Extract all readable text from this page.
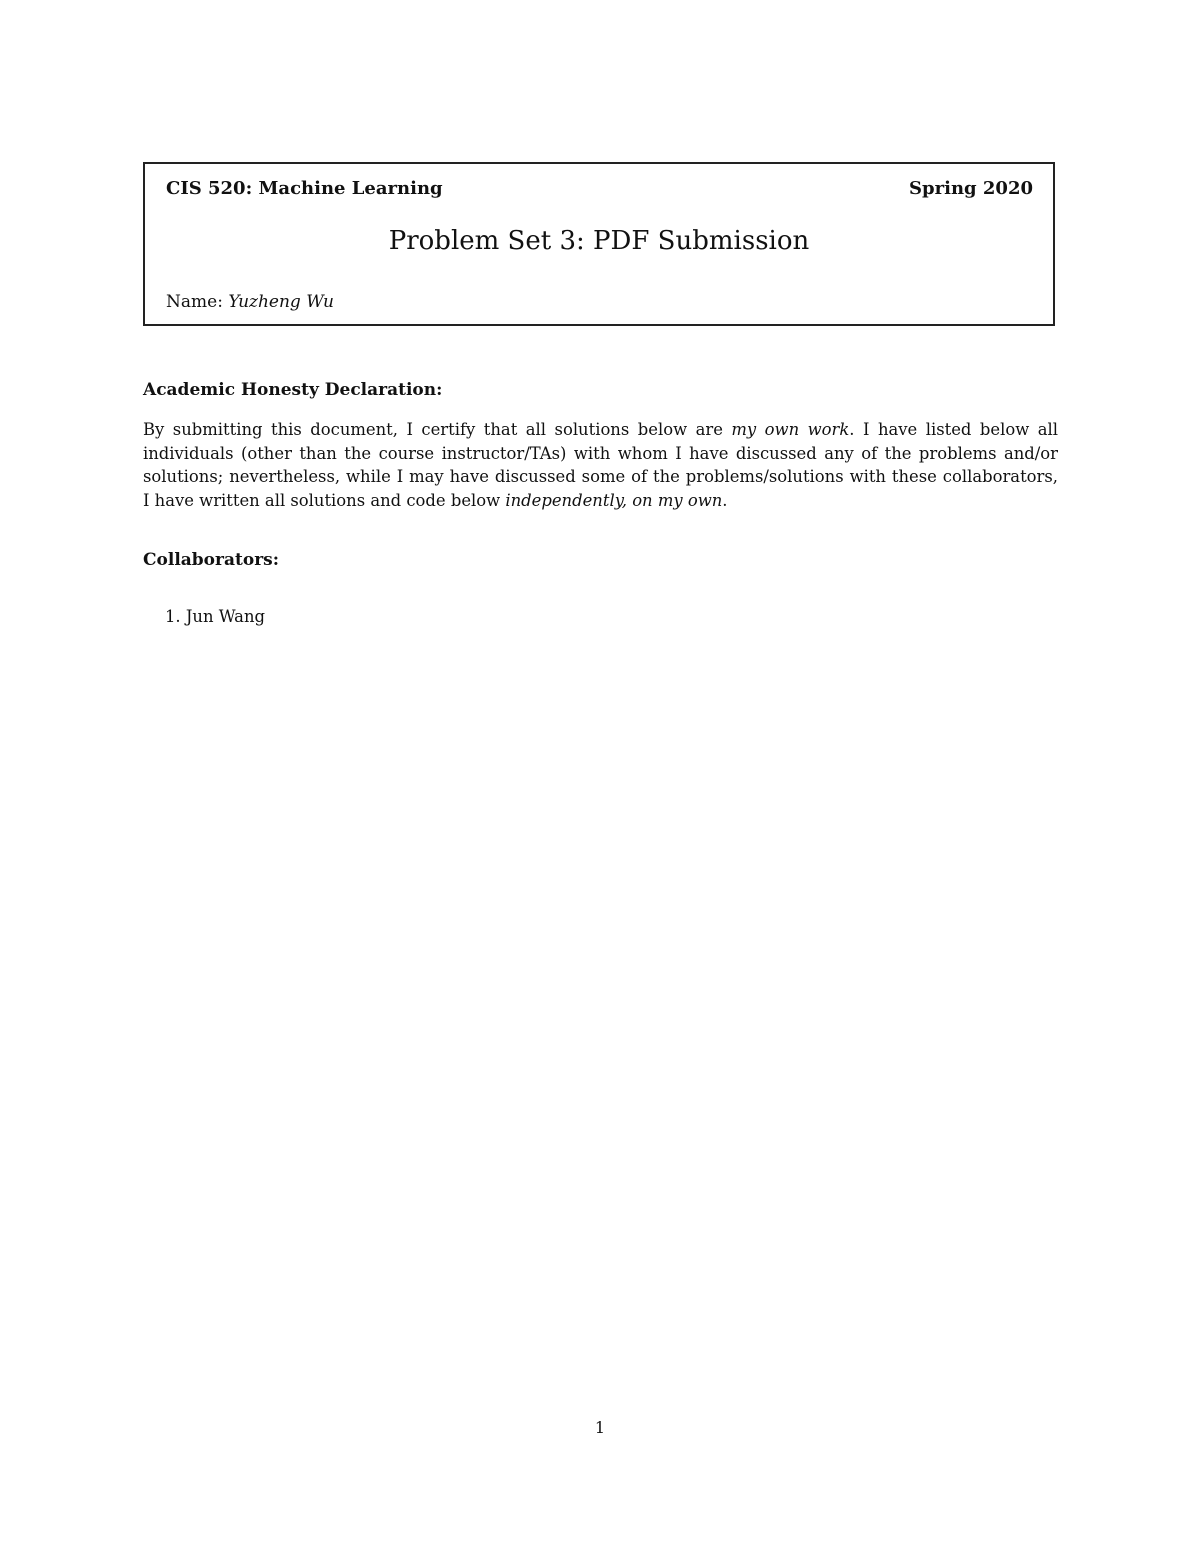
CIS 520: Machine Learning	Spring 2020
Problem Set 3: PDF Submission
Name: Yuzheng Wu
Academic Honesty Declaration:
By submitting this document, I certify that all solutions below are my own work. I have listed below all individuals (other than the course instructor/TAs) with whom I have discussed any of the problems and/or solutions; nevertheless, while I may have discussed some of the problems/solutions with these collaborators, I have written all solutions and code below independently, on my own.
Collaborators:
1. Jun Wang
1
